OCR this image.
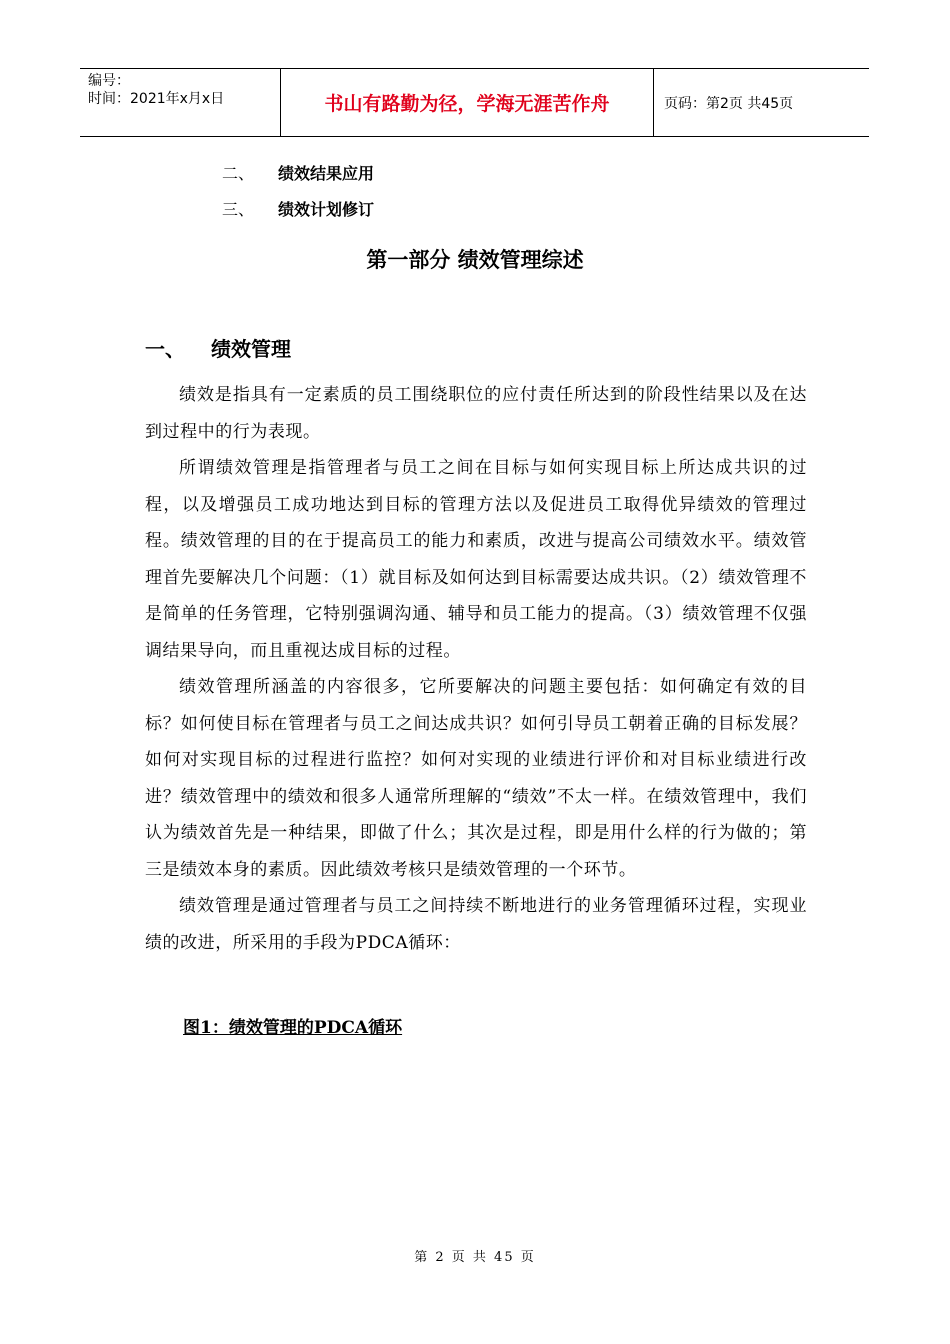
编号：
时间：2021年x月x日	书山有路勤为径，学海无涯苦作舟	页码：第2页 共45页
二、 绩效结果应用
三、 绩效计划修订
第一部分 绩效管理综述
一、 绩效管理

绩效是指具有一定素质的员工围绕职位的应付责任所达到的阶段性结果以及在达到过程中的行为表现。

所谓绩效管理是指管理者与员工之间在目标与如何实现目标上所达成共识的过程，以及增强员工成功地达到目标的管理方法以及促进员工取得优异绩效的管理过程。绩效管理的目的在于提高员工的能力和素质，改进与提高公司绩效水平。绩效管理首先要解决几个问题：（1）就目标及如何达到目标需要达成共识。（2）绩效管理不是简单的任务管理，它特别强调沟通、辅导和员工能力的提高。（3）绩效管理不仅强调结果导向，而且重视达成目标的过程。

绩效管理所涵盖的内容很多，它所要解决的问题主要包括：如何确定有效的目标？如何使目标在管理者与员工之间达成共识？如何引导员工朝着正确的目标发展？如何对实现目标的过程进行监控？如何对实现的业绩进行评价和对目标业绩进行改进？绩效管理中的绩效和很多人通常所理解的“绩效”不太一样。在绩效管理中，我们认为绩效首先是一种结果，即做了什么；其次是过程，即是用什么样的行为做的；第三是绩效本身的素质。因此绩效考核只是绩效管理的一个环节。

绩效管理是通过管理者与员工之间持续不断地进行的业务管理循环过程，实现业绩的改进，所采用的手段为PDCA循环：

图1：绩效管理的PDCA循环
第 2 页 共 45 页
